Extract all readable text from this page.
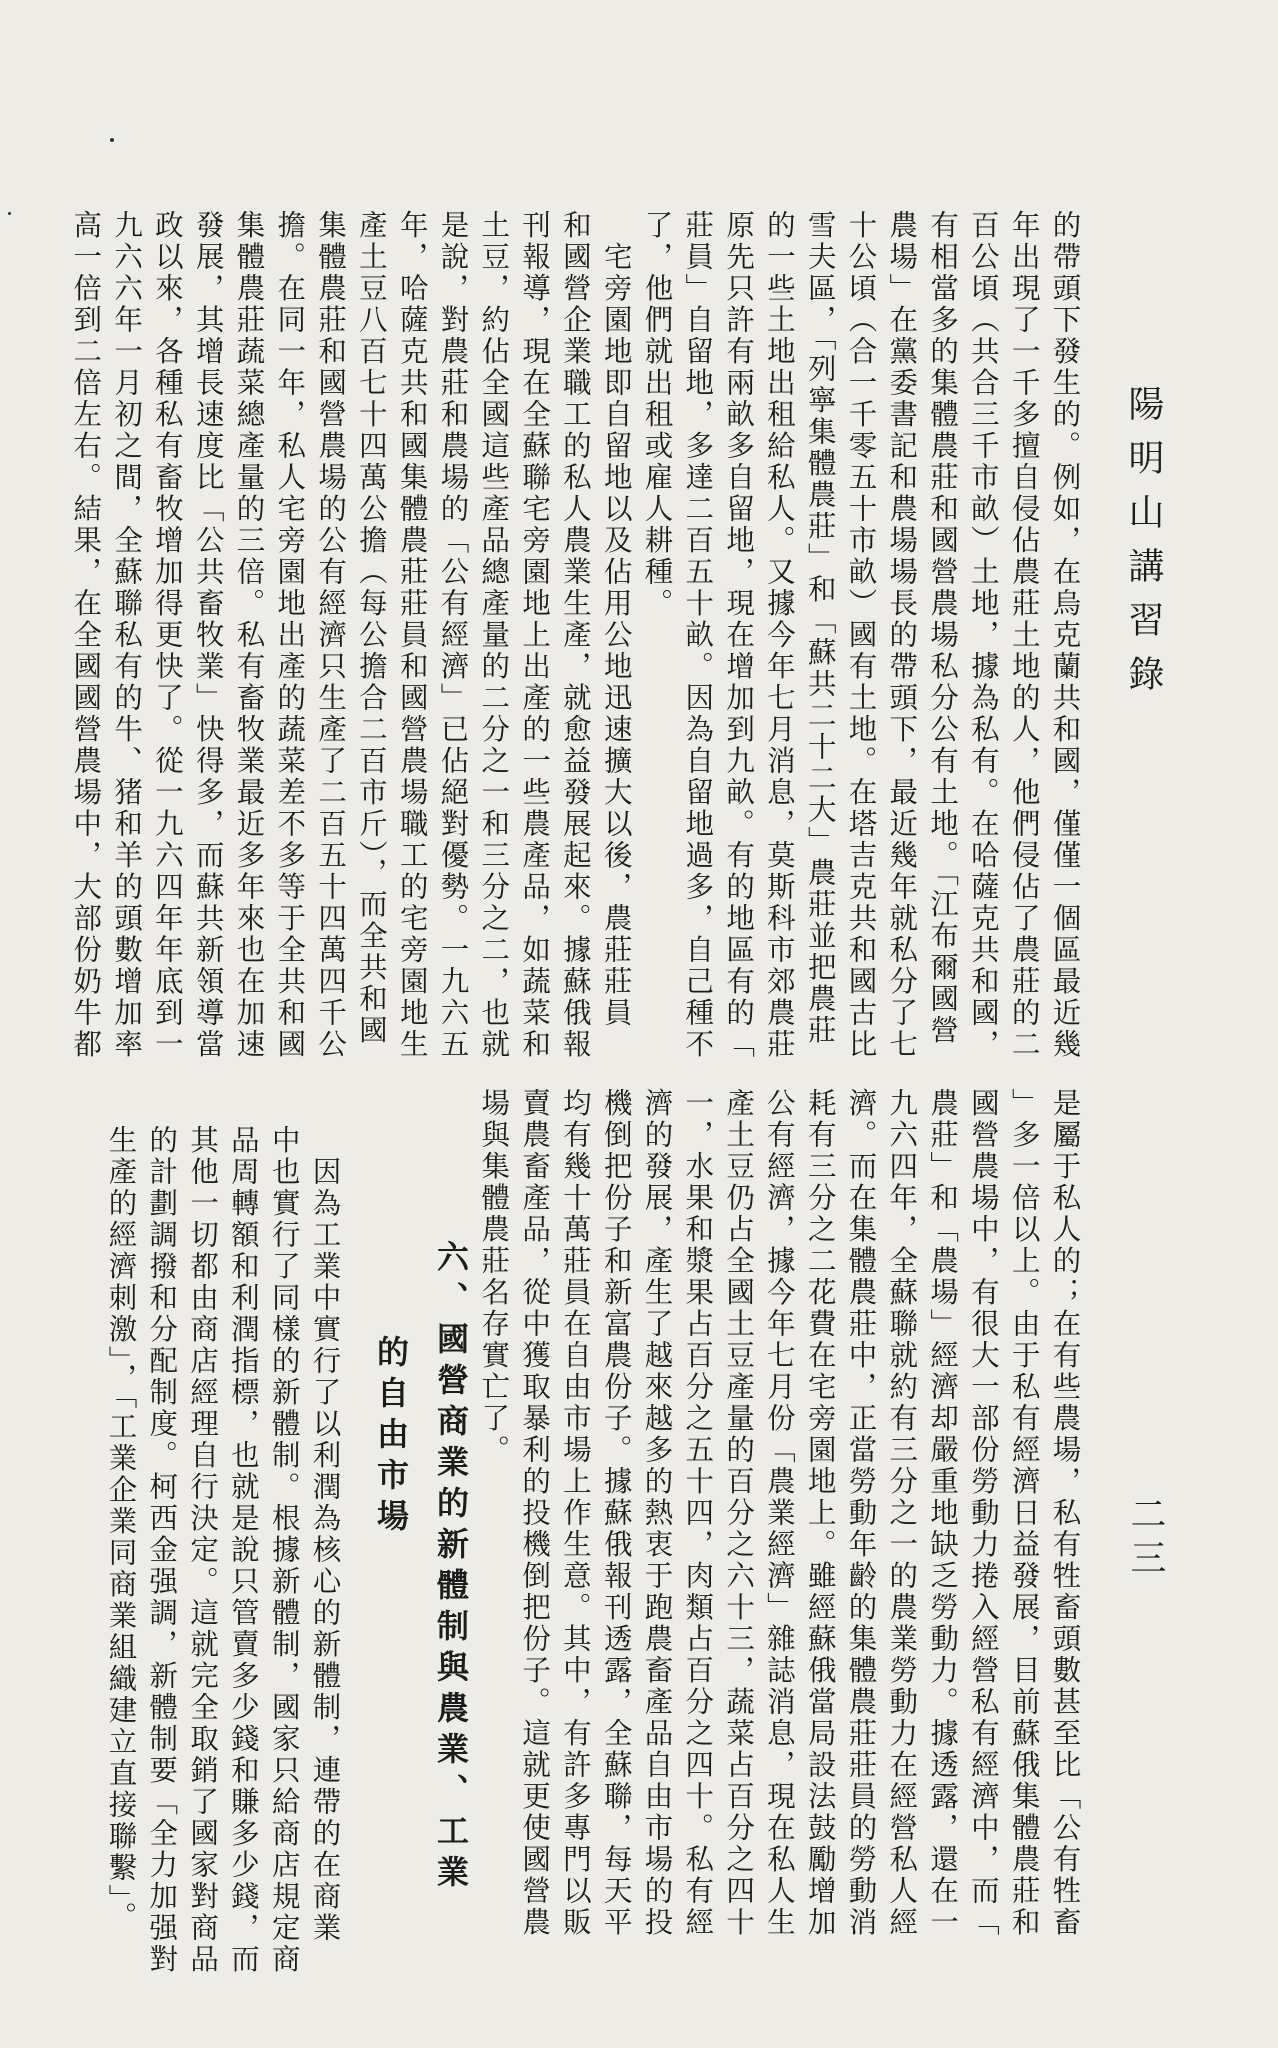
陽明山講習錄
二三
的帶頭下發生的。例如，在烏克蘭共和國，僅僅一個區最近幾
年出現了一千多擅自侵佔農莊土地的人，他們侵佔了農莊的二
百公頃（共合三千市畝）土地，據為私有。在哈薩克共和國，
有相當多的集體農莊和國營農場私分公有土地。「江布爾國營
農場」在黨委書記和農場場長的帶頭下，最近幾年就私分了七
十公頃（合一千零五十市畝）國有土地。在塔吉克共和國古比
雪夫區，「列寧集體農莊」和「蘇共二十二大」農莊並把農莊
的一些土地出租給私人。又據今年七月消息，莫斯科市郊農莊
原先只許有兩畝多自留地，現在增加到九畝。有的地區有的「
莊員」自留地，多達二百五十畝。因為自留地過多，自己種不
了，他們就出租或雇人耕種。
　宅旁園地即自留地以及佔用公地迅速擴大以後，農莊莊員
和國營企業職工的私人農業生產，就愈益發展起來。據蘇俄報
刊報導，現在全蘇聯宅旁園地上出產的一些農產品，如蔬菜和
土豆，約佔全國這些產品總產量的二分之一和三分之二，也就
是說，對農莊和農場的「公有經濟」已佔絕對優勢。一九六五
年，哈薩克共和國集體農莊莊員和國營農場職工的宅旁園地生
產土豆八百七十四萬公擔（每公擔合二百市斤），而全共和國
集體農莊和國營農場的公有經濟只生產了二百五十四萬四千公
擔。在同一年，私人宅旁園地出產的蔬菜差不多等于全共和國
集體農莊蔬菜總產量的三倍。私有畜牧業最近多年來也在加速
發展，其增長速度比「公共畜牧業」快得多，而蘇共新領導當
政以來，各種私有畜牧增加得更快了。從一九六四年年底到一
九六六年一月初之間，全蘇聯私有的牛、猪和羊的頭數增加率
高一倍到二倍左右。結果，在全國國營農場中，大部份奶牛都
是屬于私人的；在有些農場，私有牲畜頭數甚至比「公有牲畜
」多一倍以上。由于私有經濟日益發展，目前蘇俄集體農莊和
國營農場中，有很大一部份勞動力捲入經營私有經濟中，而「
農莊」和「農場」經濟却嚴重地缺乏勞動力。據透露，還在一
九六四年，全蘇聯就約有三分之一的農業勞動力在經營私人經
濟。而在集體農莊中，正當勞動年齡的集體農莊莊員的勞動消
耗有三分之二花費在宅旁園地上。雖經蘇俄當局設法鼓勵增加
公有經濟，據今年七月份「農業經濟」雜誌消息，現在私人生
產土豆仍占全國土豆產量的百分之六十三，蔬菜占百分之四十
一，水果和漿果占百分之五十四，肉類占百分之四十。私有經
濟的發展，產生了越來越多的熱衷于跑農畜產品自由市場的投
機倒把份子和新富農份子。據蘇俄報刊透露，全蘇聯，每天平
均有幾十萬莊員在自由市場上作生意。其中，有許多專門以販
賣農畜產品，從中獲取暴利的投機倒把份子。這就更使國營農
場與集體農莊名存實亡了。
六、國營商業的新體制與農業、工業
的自由市場
　因為工業中實行了以利潤為核心的新體制，連帶的在商業
中也實行了同樣的新體制。根據新體制，國家只給商店規定商
品周轉額和利潤指標，也就是說只管賣多少錢和賺多少錢，而
其他一切都由商店經理自行決定。這就完全取銷了國家對商品
的計劃調撥和分配制度。柯西金强調，新體制要「全力加强對
生產的經濟刺激」，「工業企業同商業組織建立直接聯繫」。
